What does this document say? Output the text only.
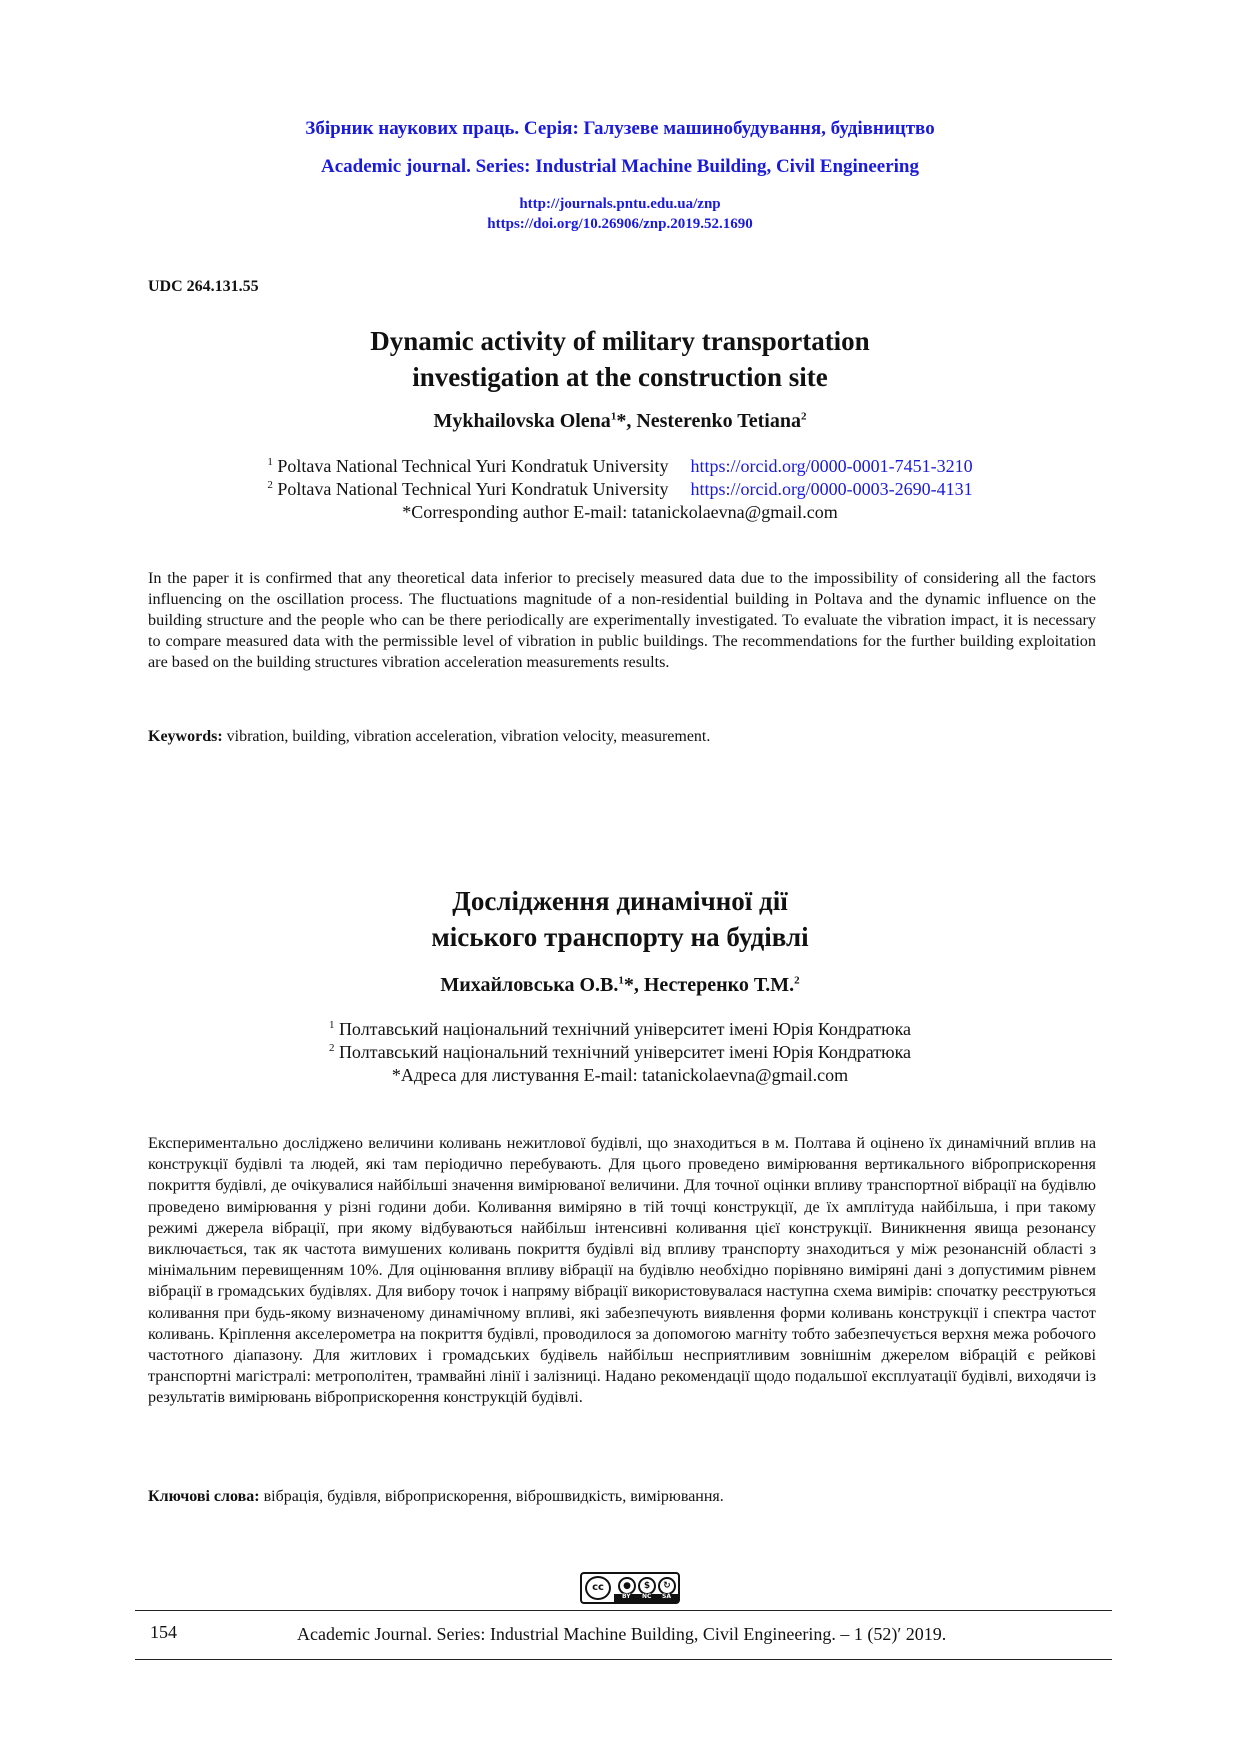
Збірник наукових праць. Серія: Галузеве машинобудування, будівництво
Academic journal. Series: Industrial Machine Building, Civil Engineering
http://journals.pntu.edu.ua/znp
https://doi.org/10.26906/znp.2019.52.1690
UDC 264.131.55
Dynamic activity of military transportation
investigation at the construction site
Mykhailovska Olena$^1$*, Nesterenko Tetiana$^2$
$^1$ Poltava National Technical Yuri Kondratuk University https://orcid.org/0000-0001-7451-3210
$^2$ Poltava National Technical Yuri Kondratuk University https://orcid.org/0000-0003-2690-4131
*Corresponding author E-mail: tatanickolaevna@gmail.com
In the paper it is confirmed that any theoretical data inferior to precisely measured data due to the impossibility of considering all the factors influencing on the oscillation process. The fluctuations magnitude of a non-residential building in Poltava and the dynamic influence on the building structure and the people who can be there periodically are experimentally investigated. To evaluate the vibration impact, it is necessary to compare measured data with the permissible level of vibration in public buildings. The recommendations for the further building exploitation are based on the building structures vibration acceleration measurements results.
Keywords: vibration, building, vibration acceleration, vibration velocity, measurement.
Дослідження динамічної дії
міського транспорту на будівлі
Михайловська О.В.$^1$*, Нестеренко Т.М.$^2$
$^1$ Полтавський національний технічний університет імені Юрія Кондратюка
$^2$ Полтавський національний технічний університет імені Юрія Кондратюка
*Адреса для листування E-mail: tatanickolaevna@gmail.com
Експериментально досліджено величини коливань нежитлової будівлі, що знаходиться в м. Полтава й оцінено їх динамічний вплив на конструкції будівлі та людей, які там періодично перебувають. Для цього проведено вимірювання вертикального віброприскорення покриття будівлі, де очікувалися найбільші значення вимірюваної величини. Для точної оцінки впливу транспортної вібрації на будівлю проведено вимірювання у різні години доби. Коливання виміряно в тій точці конструкції, де їх амплітуда найбільша, і при такому режимі джерела вібрації, при якому відбуваються найбільш інтенсивні коливання цієї конструкції. Виникнення явища резонансу виключається, так як частота вимушених коливань покриття будівлі від впливу транспорту знаходиться у між резонансній області з мінімальним перевищенням 10%. Для оцінювання впливу вібрації на будівлю необхідно порівняно виміряні дані з допустимим рівнем вібрації в громадських будівлях. Для вибору точок і напряму вібрації використовувалася наступна схема вимірів: спочатку реєструються коливання при будь-якому визначеному динамічному впливі, які забезпечують виявлення форми коливань конструкції і спектра частот коливань. Кріплення акселерометра на покриття будівлі, проводилося за допомогою магніту тобто забезпечується верхня межа робочого частотного діапазону. Для житлових і громадських будівель найбільш несприятливим зовнішнім джерелом вібрацій є рейкові транспортні магістралі: метрополітен, трамвайні лінії і залізниці. Надано рекомендації щодо подальшої експлуатації будівлі, виходячи із результатів вимірювань віброприскорення конструкцій будівлі.
Ключові слова: вібрація, будівля, віброприскорення, віброшвидкість, вимірювання.
cc	●	$	↻
BY NC SA
154	Academic Journal. Series: Industrial Machine Building, Civil Engineering. – 1 (52)′ 2019.
